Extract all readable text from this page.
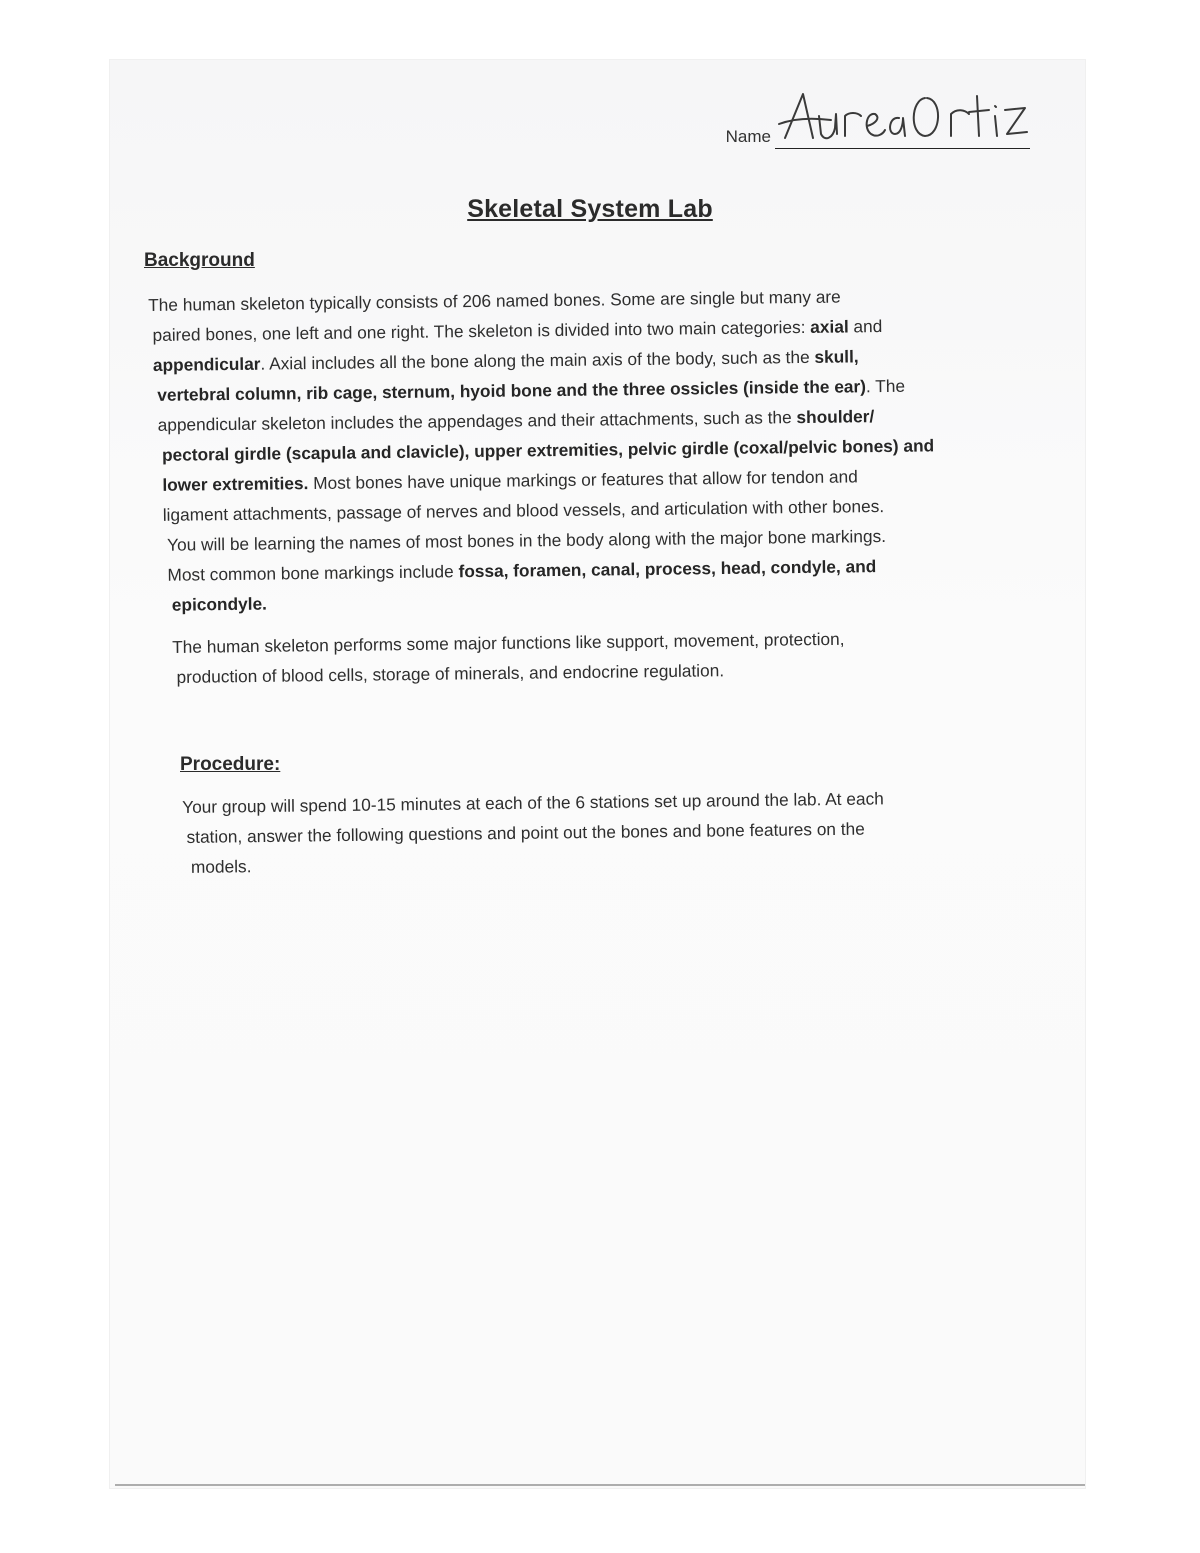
Name
Skeletal System Lab
Background
The human skeleton typically consists of 206 named bones. Some are single but many are
paired bones, one left and one right. The skeleton is divided into two main categories: axial and
appendicular. Axial includes all the bone along the main axis of the body, such as the skull,
vertebral column, rib cage, sternum, hyoid bone and the three ossicles (inside the ear). The
appendicular skeleton includes the appendages and their attachments, such as the shoulder/
pectoral girdle (scapula and clavicle), upper extremities, pelvic girdle (coxal/pelvic bones) and
lower extremities. Most bones have unique markings or features that allow for tendon and
ligament attachments, passage of nerves and blood vessels, and articulation with other bones.
You will be learning the names of most bones in the body along with the major bone markings.
Most common bone markings include fossa, foramen, canal, process, head, condyle, and
epicondyle.
The human skeleton performs some major functions like support, movement, protection,
production of blood cells, storage of minerals, and endocrine regulation.
Procedure:
Your group will spend 10-15 minutes at each of the 6 stations set up around the lab. At each
station, answer the following questions and point out the bones and bone features on the
models.
